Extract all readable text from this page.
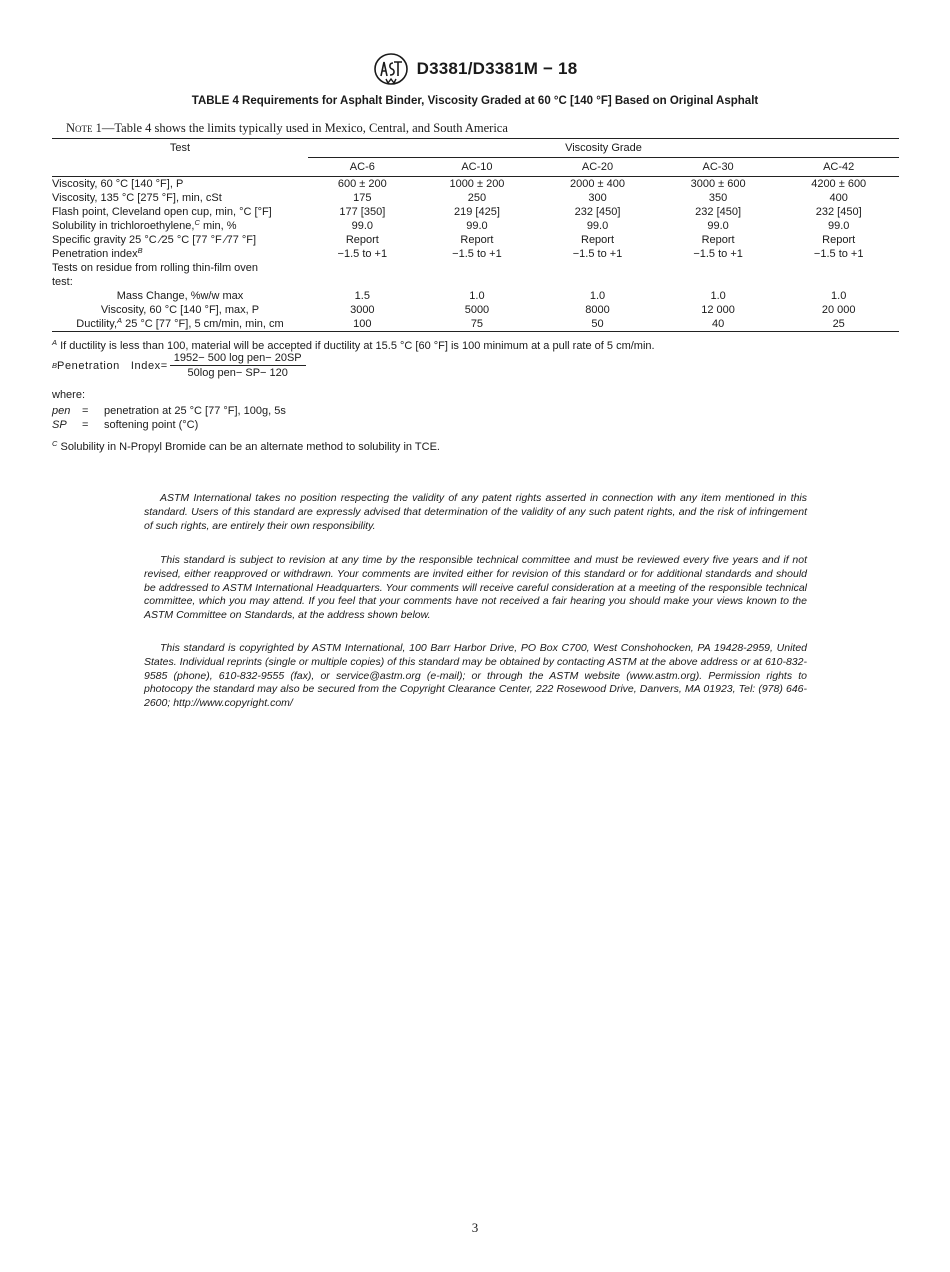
D3381/D3381M − 18
TABLE 4 Requirements for Asphalt Binder, Viscosity Graded at 60 °C [140 °F] Based on Original Asphalt
Note 1—Table 4 shows the limits typically used in Mexico, Central, and South America
Test	Viscosity Grade				
	AC-6	AC-10	AC-20	AC-30	AC-42
Viscosity, 60 °C [140 °F], P	600 ± 200	1000 ± 200	2000 ± 400	3000 ± 600	4200 ± 600
Viscosity, 135 °C [275 °F], min, cSt	175	250	300	350	400
Flash point, Cleveland open cup, min, °C [°F]	177 [350]	219 [425]	232 [450]	232 [450]	232 [450]
Solubility in trichloroethylene,$^C$ min, %	99.0	99.0	99.0	99.0	99.0
Specific gravity 25 °C ⁄25 °C [77 °F ⁄77 °F]	Report	Report	Report	Report	Report
Penetration index$^B$	−1.5 to +1	−1.5 to +1	−1.5 to +1	−1.5 to +1	−1.5 to +1
Tests on residue from rolling thin-film oven					
test:					
Mass Change, %w/w max	1.5	1.0	1.0	1.0	1.0
Viscosity, 60 °C [140 °F], max, P	3000	5000	8000	12 000	20 000
Ductility,$^A$ 25 °C [77 °F], 5 cm/min, min, cm	100	75	50	40	25
$^A$ If ductility is less than 100, material will be accepted if ductility at 15.5 °C [60 °F] is 100 minimum at a pull rate of 5 cm/min.
B Penetration   Index= $\frac{\text{1952− 500 log pen− 20SP}}{\text{50log pen− SP− 120}}$
where:
pen	=	penetration at 25 °C [77 °F], 100g, 5s
SP	=	softening point (°C)
$^C$ Solubility in N-Propyl Bromide can be an alternate method to solubility in TCE.

ASTM International takes no position respecting the validity of any patent rights asserted in connection with any item mentioned in this standard. Users of this standard are expressly advised that determination of the validity of any such patent rights, and the risk of infringement of such rights, are entirely their own responsibility.

This standard is subject to revision at any time by the responsible technical committee and must be reviewed every five years and if not revised, either reapproved or withdrawn. Your comments are invited either for revision of this standard or for additional standards and should be addressed to ASTM International Headquarters. Your comments will receive careful consideration at a meeting of the responsible technical committee, which you may attend. If you feel that your comments have not received a fair hearing you should make your views known to the ASTM Committee on Standards, at the address shown below.

This standard is copyrighted by ASTM International, 100 Barr Harbor Drive, PO Box C700, West Conshohocken, PA 19428-2959, United States. Individual reprints (single or multiple copies) of this standard may be obtained by contacting ASTM at the above address or at 610-832-9585 (phone), 610-832-9555 (fax), or service@astm.org (e-mail); or through the ASTM website (www.astm.org). Permission rights to photocopy the standard may also be secured from the Copyright Clearance Center, 222 Rosewood Drive, Danvers, MA 01923, Tel: (978) 646-2600; http://www.copyright.com/

3
